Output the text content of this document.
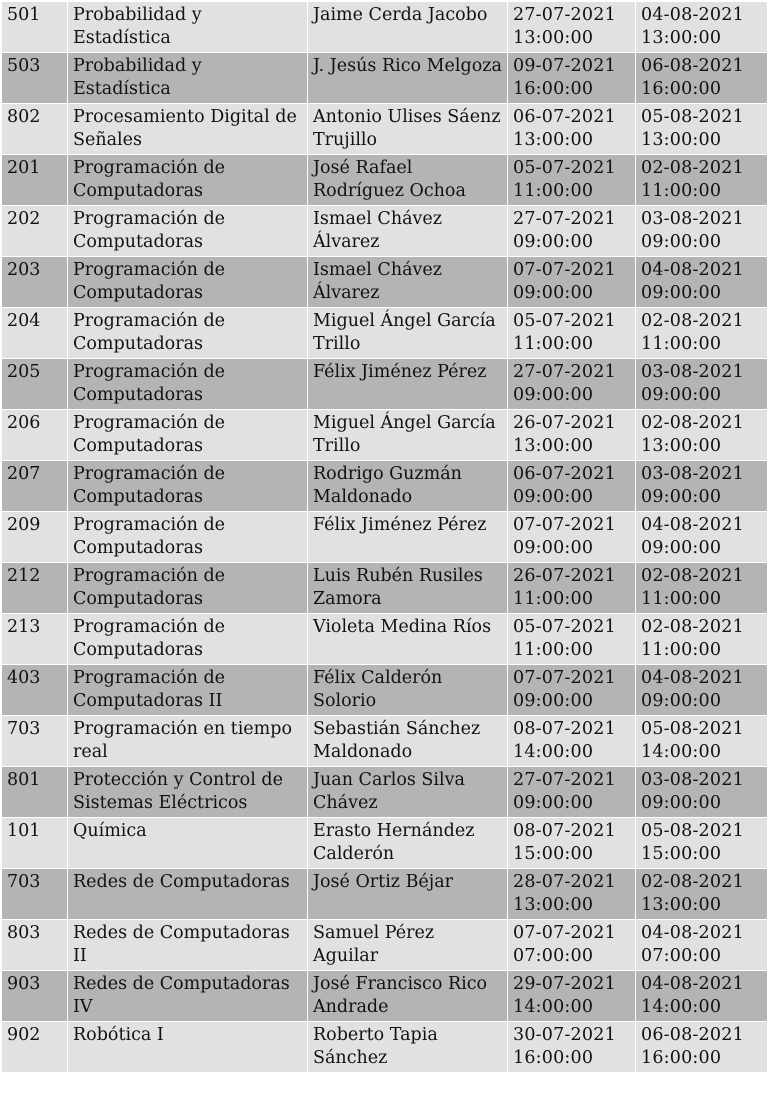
501	Probabilidad y Estadística	Jaime Cerda Jacobo	27-07-2021 13:00:00	04-08-2021 13:00:00
503	Probabilidad y Estadística	J. Jesús Rico Melgoza	09-07-2021 16:00:00	06-08-2021 16:00:00
802	Procesamiento Digital de Señales	Antonio Ulises Sáenz Trujillo	06-07-2021 13:00:00	05-08-2021 13:00:00
201	Programación de Computadoras	José Rafael Rodríguez Ochoa	05-07-2021 11:00:00	02-08-2021 11:00:00
202	Programación de Computadoras	Ismael Chávez Álvarez	27-07-2021 09:00:00	03-08-2021 09:00:00
203	Programación de Computadoras	Ismael Chávez Álvarez	07-07-2021 09:00:00	04-08-2021 09:00:00
204	Programación de Computadoras	Miguel Ángel García Trillo	05-07-2021 11:00:00	02-08-2021 11:00:00
205	Programación de Computadoras	Félix Jiménez Pérez	27-07-2021 09:00:00	03-08-2021 09:00:00
206	Programación de Computadoras	Miguel Ángel García Trillo	26-07-2021 13:00:00	02-08-2021 13:00:00
207	Programación de Computadoras	Rodrigo Guzmán Maldonado	06-07-2021 09:00:00	03-08-2021 09:00:00
209	Programación de Computadoras	Félix Jiménez Pérez	07-07-2021 09:00:00	04-08-2021 09:00:00
212	Programación de Computadoras	Luis Rubén Rusiles Zamora	26-07-2021 11:00:00	02-08-2021 11:00:00
213	Programación de Computadoras	Violeta Medina Ríos	05-07-2021 11:00:00	02-08-2021 11:00:00
403	Programación de Computadoras II	Félix Calderón Solorio	07-07-2021 09:00:00	04-08-2021 09:00:00
703	Programación en tiempo real	Sebastián Sánchez Maldonado	08-07-2021 14:00:00	05-08-2021 14:00:00
801	Protección y Control de Sistemas Eléctricos	Juan Carlos Silva Chávez	27-07-2021 09:00:00	03-08-2021 09:00:00
101	Química	Erasto Hernández Calderón	08-07-2021 15:00:00	05-08-2021 15:00:00
703	Redes de Computadoras	José Ortiz Béjar	28-07-2021 13:00:00	02-08-2021 13:00:00
803	Redes de Computadoras II	Samuel Pérez Aguilar	07-07-2021 07:00:00	04-08-2021 07:00:00
903	Redes de Computadoras IV	José Francisco Rico Andrade	29-07-2021 14:00:00	04-08-2021 14:00:00
902	Robótica I	Roberto Tapia Sánchez	30-07-2021 16:00:00	06-08-2021 16:00:00
